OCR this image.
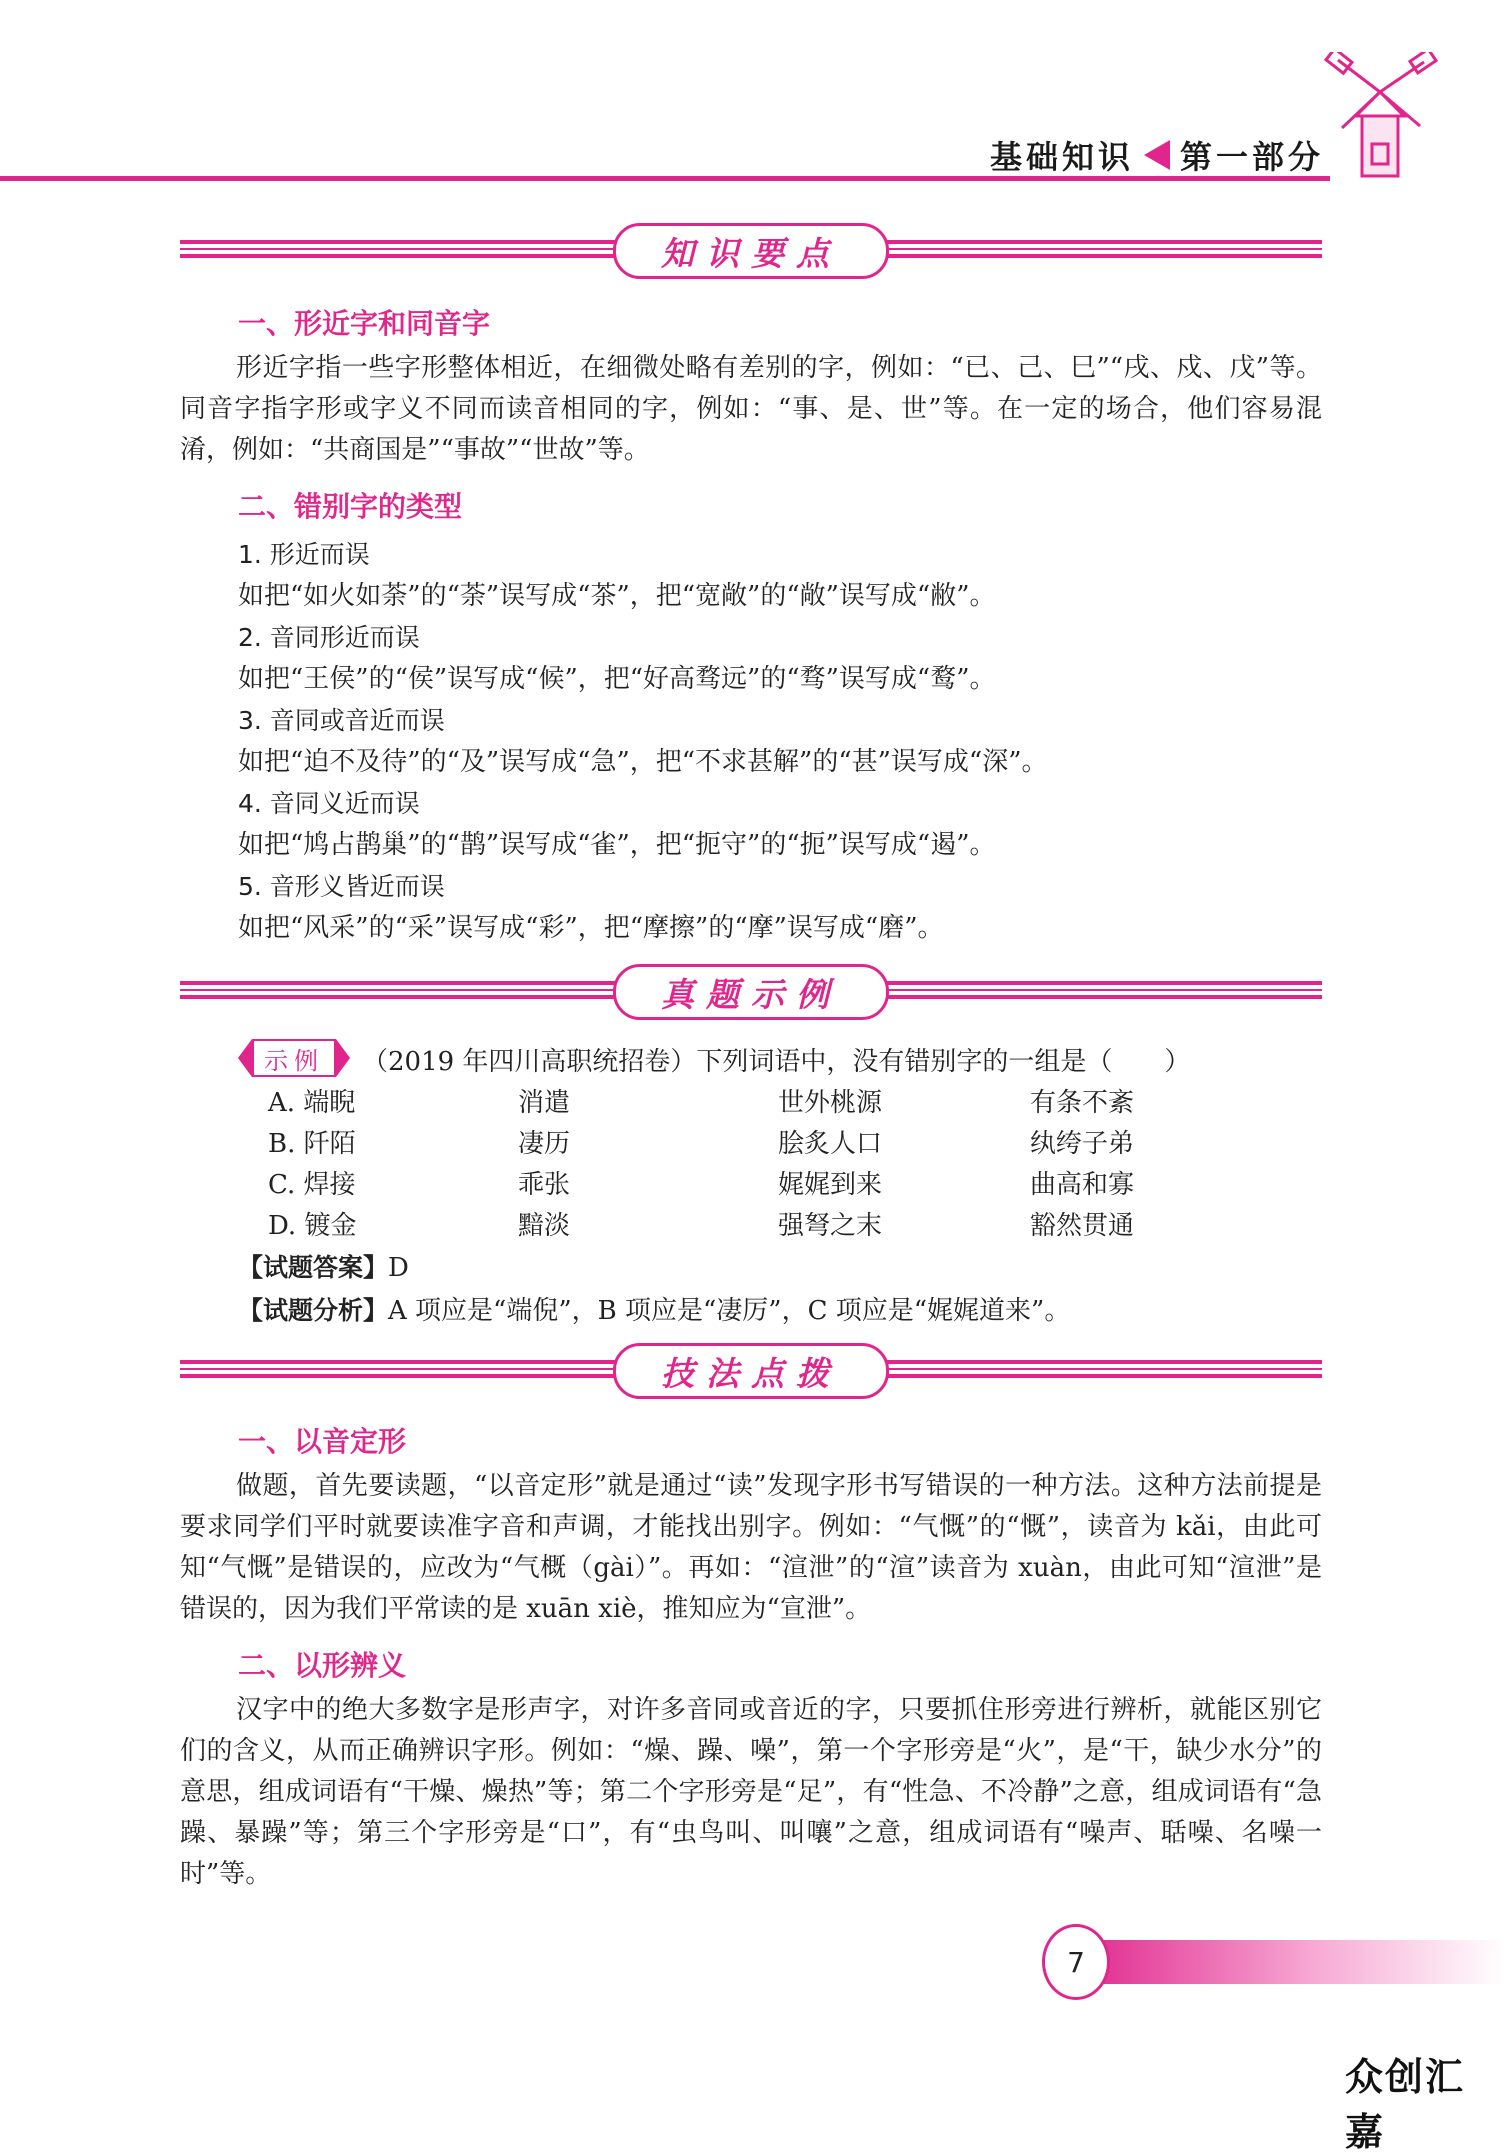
基础知识 第一部分
知识要点
一、形近字和同音字
形近字指一些字形整体相近，在细微处略有差别的字，例如：“已、己、巳”“戌、戍、戊”等。同音字指字形或字义不同而读音相同的字，例如：“事、是、世”等。在一定的场合，他们容易混淆，例如：“共商国是”“事故”“世故”等。
二、错别字的类型
1. 形近而误
如把“如火如荼”的“荼”误写成“茶”，把“宽敞”的“敞”误写成“敝”。
2. 音同形近而误
如把“王侯”的“侯”误写成“候”，把“好高骛远”的“骛”误写成“鹜”。
3. 音同或音近而误
如把“迫不及待”的“及”误写成“急”，把“不求甚解”的“甚”误写成“深”。
4. 音同义近而误
如把“鸠占鹊巢”的“鹊”误写成“雀”，把“扼守”的“扼”误写成“遏”。
5. 音形义皆近而误
如把“风采”的“采”误写成“彩”，把“摩擦”的“摩”误写成“磨”。
真题示例
示例	（2019 年四川高职统招卷）下列词语中，没有错别字的一组是（　　）
A. 端睨	消遣	世外桃源	有条不紊
B. 阡陌	凄历	脍炙人口	纨绔子弟
C. 焊接	乖张	娓娓到来	曲高和寡
D. 镀金	黯淡	强弩之末	豁然贯通
【试题答案】D
【试题分析】A 项应是“端倪”，B 项应是“凄厉”，C 项应是“娓娓道来”。
技法点拨
一、以音定形
做题，首先要读题，“以音定形”就是通过“读”发现字形书写错误的一种方法。这种方法前提是要求同学们平时就要读准字音和声调，才能找出别字。例如：“气慨”的“慨”，读音为 kǎi，由此可知“气慨”是错误的，应改为“气概（gài）”。再如：“渲泄”的“渲”读音为 xuàn，由此可知“渲泄”是错误的，因为我们平常读的是 xuān xiè，推知应为“宣泄”。
二、以形辨义
汉字中的绝大多数字是形声字，对许多音同或音近的字，只要抓住形旁进行辨析，就能区别它们的含义，从而正确辨识字形。例如：“燥、躁、噪”，第一个字形旁是“火”，是“干，缺少水分”的意思，组成词语有“干燥、燥热”等；第二个字形旁是“足”，有“性急、不冷静”之意，组成词语有“急躁、暴躁”等；第三个字形旁是“口”，有“虫鸟叫、叫嚷”之意，组成词语有“噪声、聒噪、名噪一时”等。
7
众创汇嘉
